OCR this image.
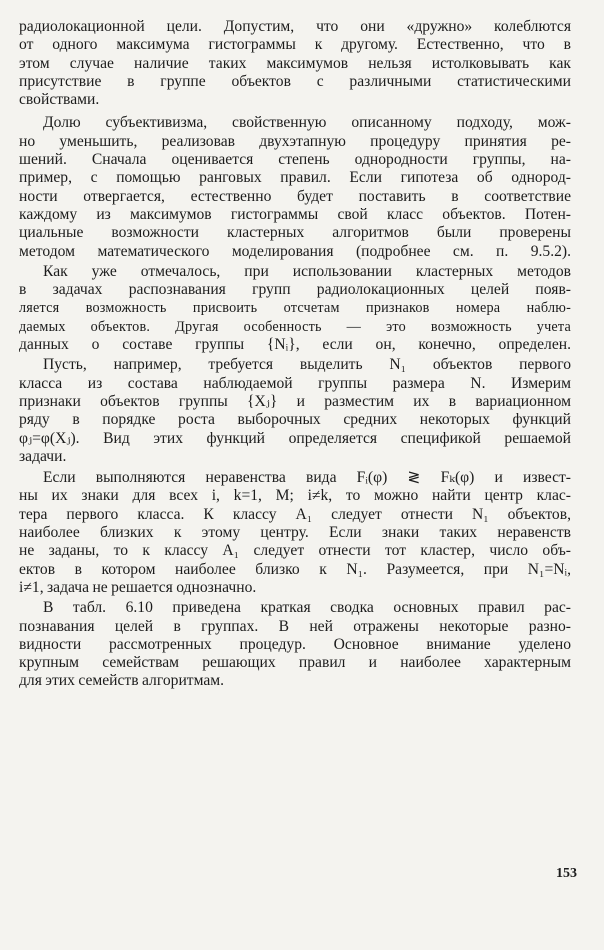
радиолокационной цели. Допустим, что они «дружно» колеблются
от одного максимума гистограммы к другому. Естественно, что в
этом случае наличие таких максимумов нельзя истолковывать как
присутствие в группе объектов с различными статистическими
свойствами.

Долю субъективизма, свойственную описанному подходу, мож-
но уменьшить, реализовав двухэтапную процедуру принятия ре-
шений. Сначала оценивается степень однородности группы, на-
пример, с помощью ранговых правил. Если гипотеза об однород-
ности отвергается, естественно будет поставить в соответствие
каждому из максимумов гистограммы свой класс объектов. Потен-
циальные возможности кластерных алгоритмов были проверены
методом математического моделирования (подробнее см. п. 9.5.2).

Как уже отмечалось, при использовании кластерных методов
в задачах распознавания групп радиолокационных целей появ-
ляется возможность присвоить отсчетам признаков номера наблю-
даемых объектов. Другая особенность — это возможность учета
данных о составе группы {Nᵢ}, если он, конечно, определен.

Пусть, например, требуется выделить N₁ объектов первого
класса из состава наблюдаемой группы размера N. Измерим
признаки объектов группы {Xⱼ} и разместим их в вариационном
ряду в порядке роста выборочных средних некоторых функций
φⱼ=φ(Xⱼ). Вид этих функций определяется спецификой решаемой
задачи.

Если выполняются неравенства вида Fᵢ(φ) ≷ Fₖ(φ) и извест-
ны их знаки для всех i, k=1, M; i≠k, то можно найти центр клас-
тера первого класса. К классу A₁ следует отнести N₁ объектов,
наиболее близких к этому центру. Если знаки таких неравенств
не заданы, то к классу A₁ следует отнести тот кластер, число объ-
ектов в котором наиболее близко к N₁. Разумеется, при N₁=Nᵢ,
i≠1, задача не решается однозначно.

В табл. 6.10 приведена краткая сводка основных правил рас-
познавания целей в группах. В ней отражены некоторые разно-
видности рассмотренных процедур. Основное внимание уделено
крупным семействам решающих правил и наиболее характерным
для этих семейств алгоритмам.

153
